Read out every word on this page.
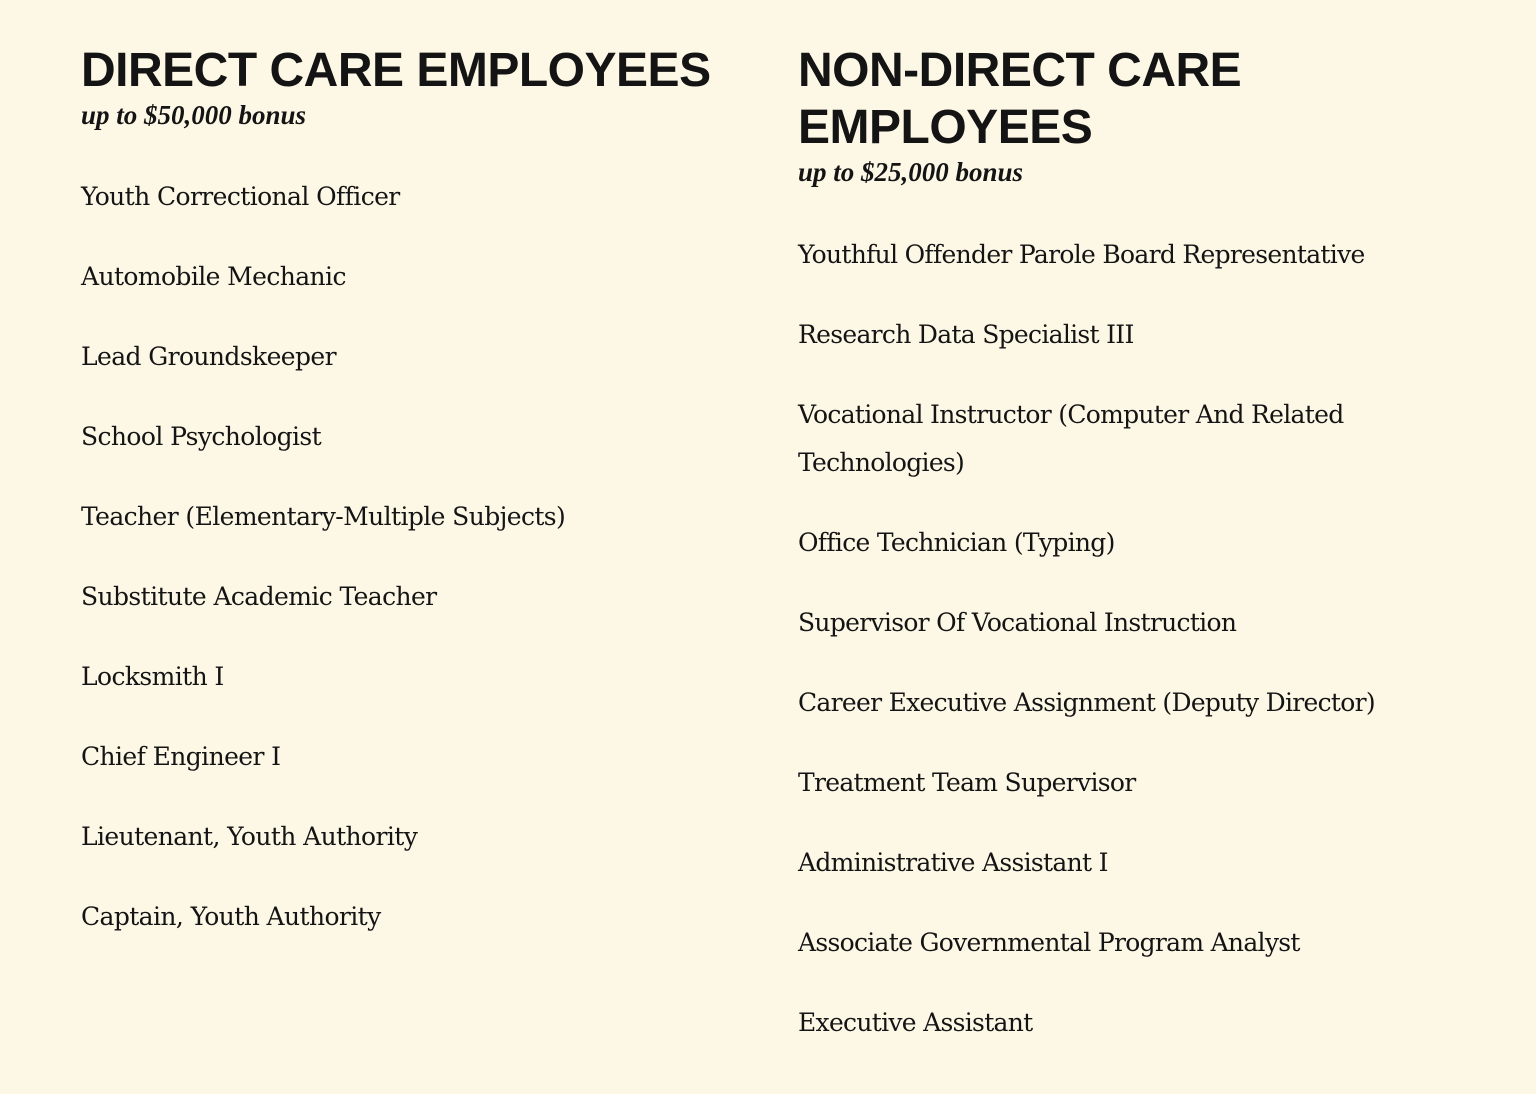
DIRECT CARE EMPLOYEES

up to $50,000 bonus

Youth Correctional Officer
Automobile Mechanic
Lead Groundskeeper
School Psychologist
Teacher (Elementary-Multiple Subjects)
Substitute Academic Teacher
Locksmith I
Chief Engineer I
Lieutenant, Youth Authority
Captain, Youth Authority
NON-DIRECT CARE EMPLOYEES

up to $25,000 bonus

Youthful Offender Parole Board Representative
Research Data Specialist III
Vocational Instructor (Computer And Related Technologies)
Office Technician (Typing)
Supervisor Of Vocational Instruction
Career Executive Assignment (Deputy Director)
Treatment Team Supervisor
Administrative Assistant I
Associate Governmental Program Analyst
Executive Assistant
